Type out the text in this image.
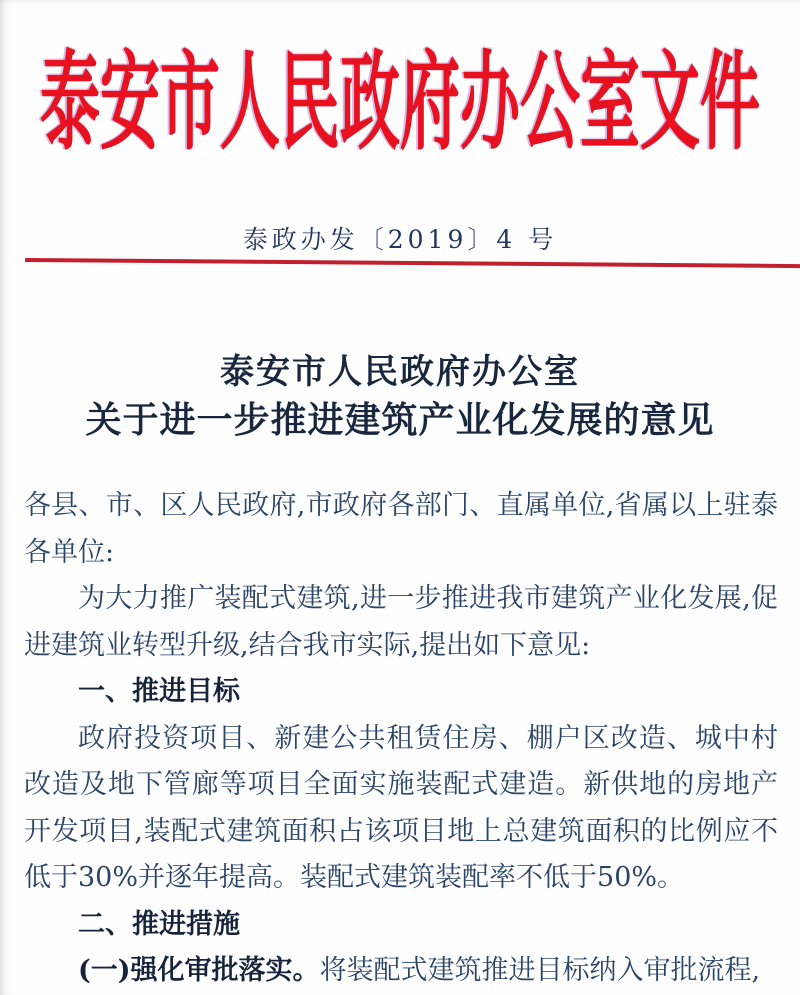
泰安市人民政府办公室文件
泰政办发〔2019〕4 号
泰安市人民政府办公室
关于进一步推进建筑产业化发展的意见

各县、市、区人民政府,市政府各部门、直属单位,省属以上驻泰各单位:

为大力推广装配式建筑,进一步推进我市建筑产业化发展,促进建筑业转型升级,结合我市实际,提出如下意见:

一、推进目标

政府投资项目、新建公共租赁住房、棚户区改造、城中村改造及地下管廊等项目全面实施装配式建造。新供地的房地产开发项目,装配式建筑面积占该项目地上总建筑面积的比例应不低于30%并逐年提高。装配式建筑装配率不低于50%。

二、推进措施

(一)强化审批落实。将装配式建筑推进目标纳入审批流程,
